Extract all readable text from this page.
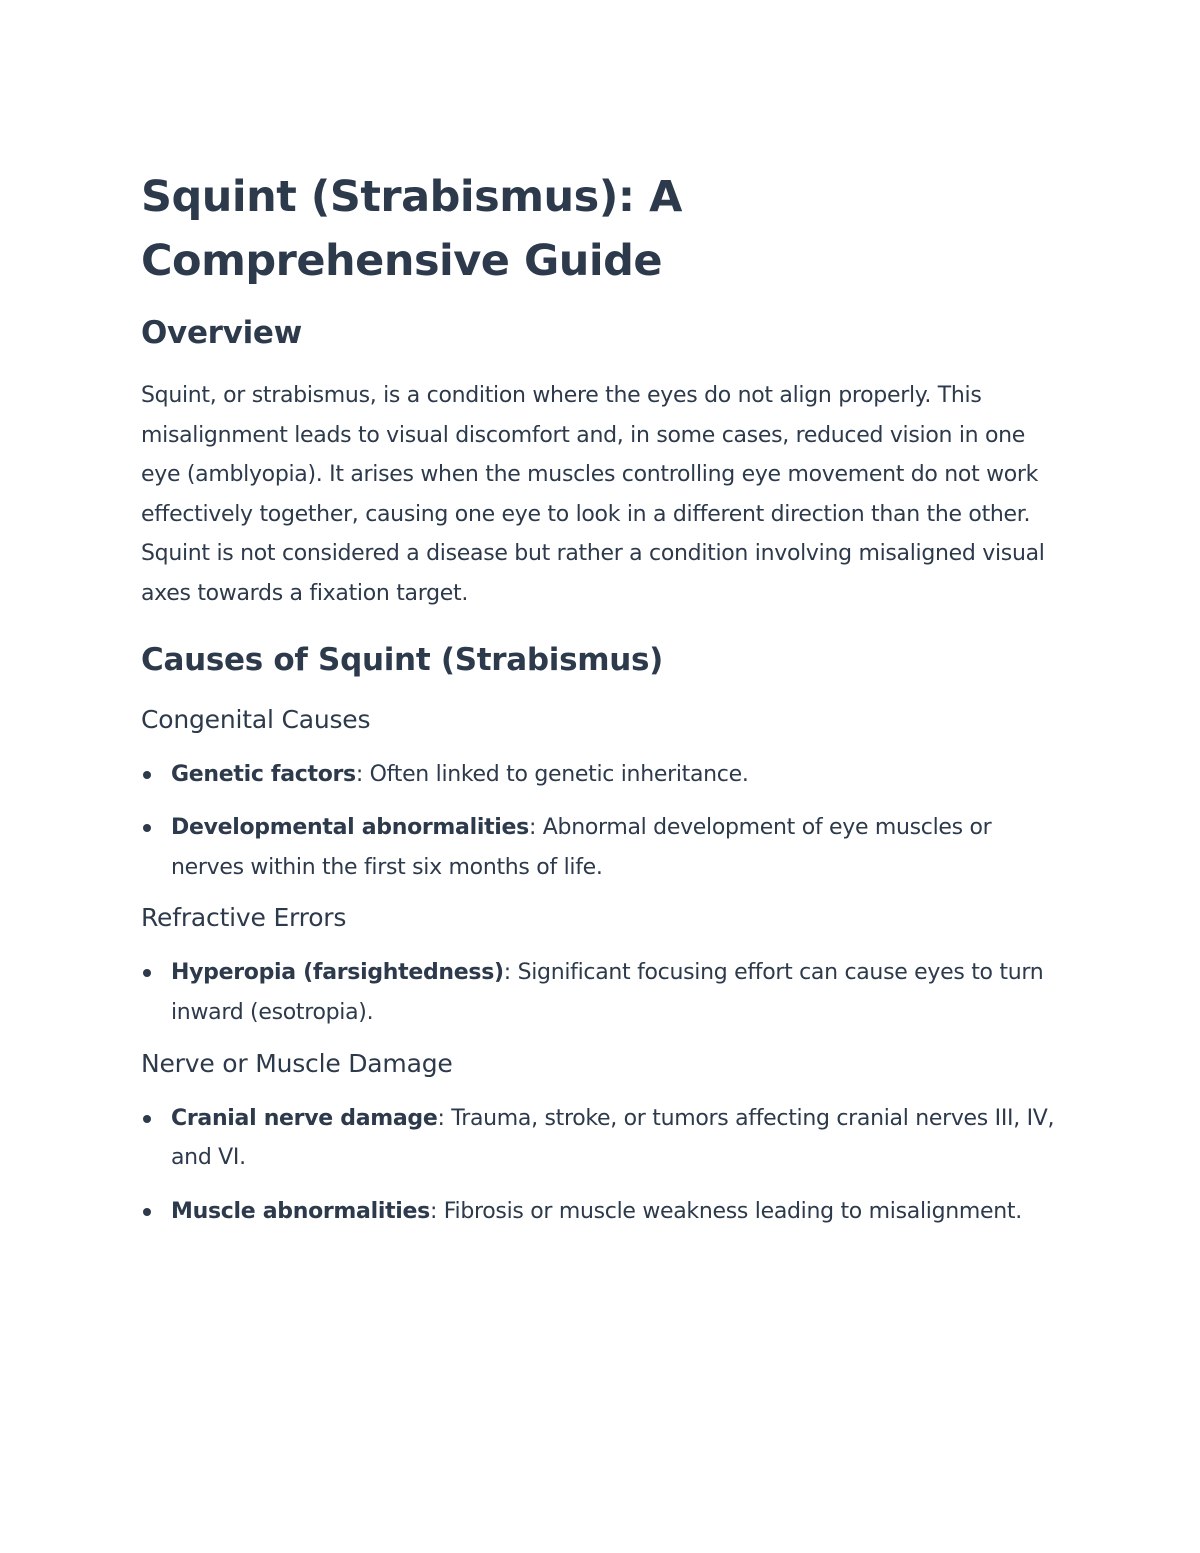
Squint (Strabismus): A Comprehensive Guide
Overview

Squint, or strabismus, is a condition where the eyes do not align properly. This misalignment leads to visual discomfort and, in some cases, reduced vision in one eye (amblyopia). It arises when the muscles controlling eye movement do not work effectively together, causing one eye to look in a different direction than the other. Squint is not considered a disease but rather a condition involving misaligned visual axes towards a fixation target.

Causes of Squint (Strabismus)
Congenital Causes
Genetic factors: Often linked to genetic inheritance.
Developmental abnormalities: Abnormal development of eye muscles or nerves within the first six months of life.
Refractive Errors
Hyperopia (farsightedness): Significant focusing effort can cause eyes to turn inward (esotropia).
Nerve or Muscle Damage
Cranial nerve damage: Trauma, stroke, or tumors affecting cranial nerves III, IV, and VI.
Muscle abnormalities: Fibrosis or muscle weakness leading to misalignment.
